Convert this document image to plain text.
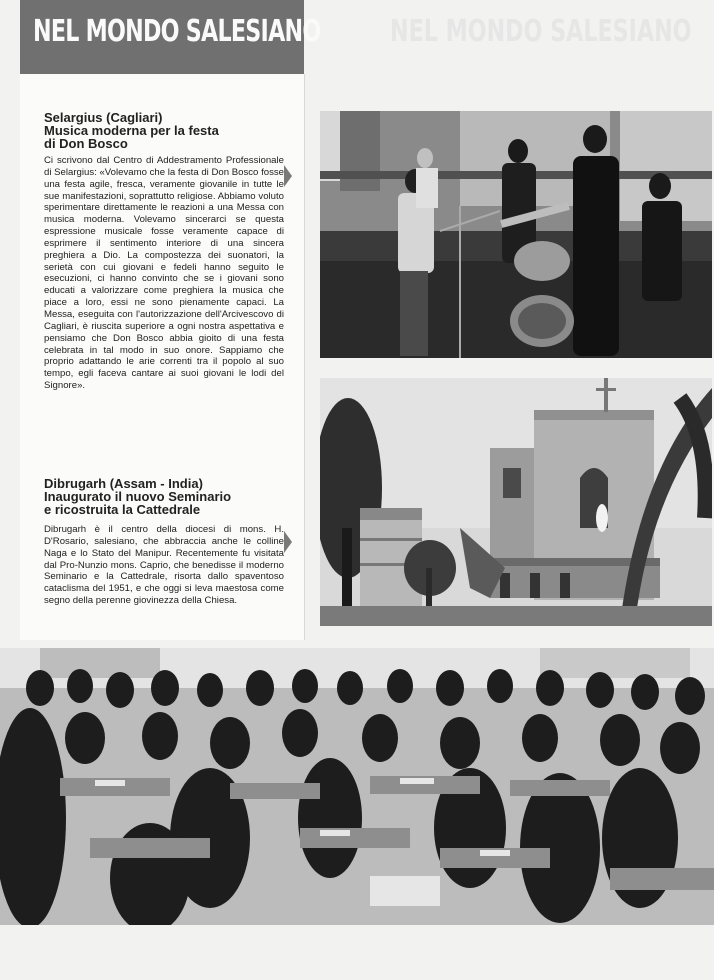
NEL MONDO SALESIANO NEL MONDO SALESIANO
Selargius (Cagliari)
Musica moderna per la festa
di Don Bosco
Ci scrivono dal Centro di Addestramento Professionale di Selargius: «Volevamo che la festa di Don Bosco fosse una festa agile, fresca, veramente giovanile in tutte le sue manifestazioni, soprattutto religiose. Abbiamo voluto sperimentare direttamente le reazioni a una Messa con musica moderna. Volevamo sincerarci se questa espressione musicale fosse veramente capace di esprimere il sentimento interiore di una sincera preghiera a Dio. La compostezza dei suonatori, la serietà con cui giovani e fedeli hanno seguito le esecuzioni, ci hanno convinto che se i giovani sono educati a valorizzare come preghiera la musica che piace a loro, essi ne sono pienamente capaci. La Messa, eseguita con l'autorizzazione dell'Arcivescovo di Cagliari, è riuscita superiore a ogni nostra aspettativa e pensiamo che Don Bosco abbia gioito di una festa celebrata in tal modo in suo onore. Sappiamo che proprio adattando le arie correnti tra il popolo al suo tempo, egli faceva cantare ai suoi giovani le lodi del Signore».
Dibrugarh (Assam - India)
Inaugurato il nuovo Seminario
e ricostruita la Cattedrale
Dibrugarh è il centro della diocesi di mons. H. D'Rosario, salesiano, che abbraccia anche le colline Naga e lo Stato del Manipur. Recentemente fu visitata dal Pro-Nunzio mons. Caprio, che benedisse il moderno Seminario e la Cattedrale, risorta dallo spaventoso cataclisma del 1951, e che oggi si leva maestosa come segno della perenne giovinezza della Chiesa.
